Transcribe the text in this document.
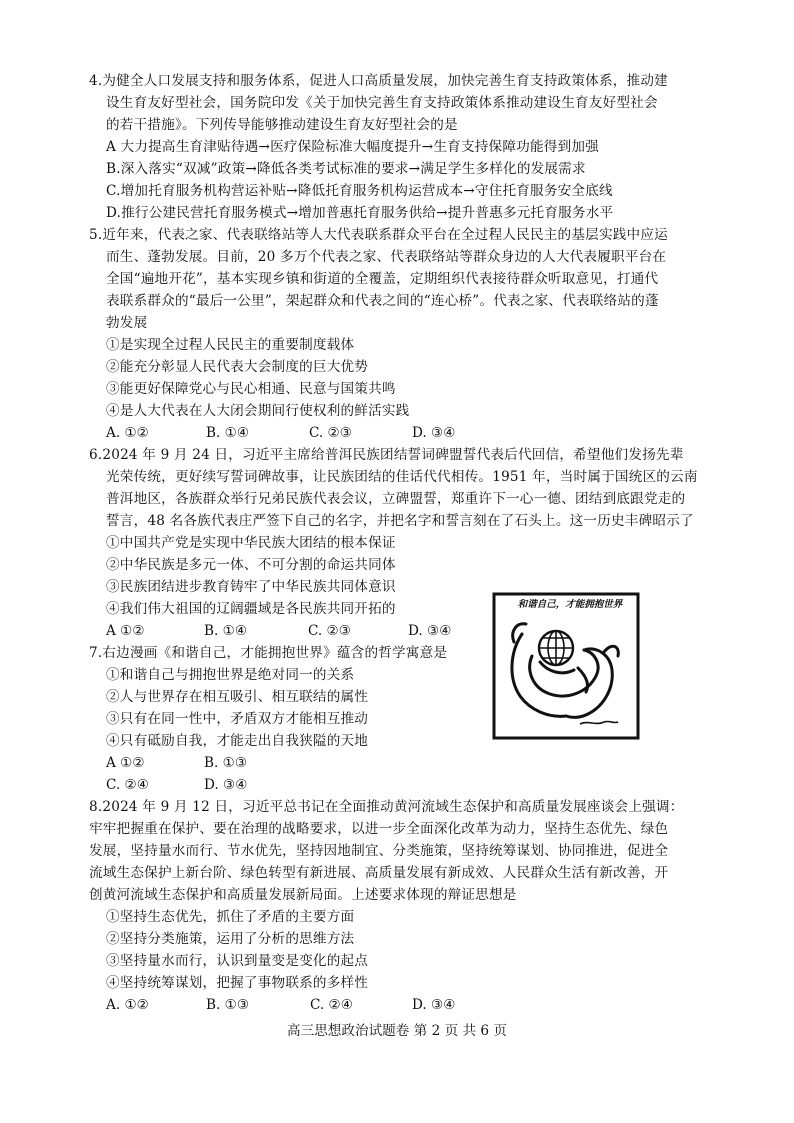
4.为健全人口发展支持和服务体系，促进人口高质量发展，加快完善生育支持政策体系，推动建
设生育友好型社会，国务院印发《关于加快完善生育支持政策体系推动建设生育友好型社会
的若干措施》。下列传导能够推动建设生育友好型社会的是
A 大力提高生育津贴待遇→医疗保险标准大幅度提升→生育支持保障功能得到加强
B.深入落实“双减”政策→降低各类考试标准的要求→满足学生多样化的发展需求
C.增加托育服务机构营运补贴→降低托育服务机构运营成本→守住托育服务安全底线
D.推行公建民营托育服务模式→增加普惠托育服务供给→提升普惠多元托育服务水平
5.近年来，代表之家、代表联络站等人大代表联系群众平台在全过程人民民主的基层实践中应运
而生、蓬勃发展。目前，20 多万个代表之家、代表联络站等群众身边的人大代表履职平台在
全国“遍地开花”，基本实现乡镇和街道的全覆盖，定期组织代表接待群众听取意见，打通代
表联系群众的“最后一公里”，架起群众和代表之间的“连心桥”。代表之家、代表联络站的蓬
勃发展
①是实现全过程人民民主的重要制度载体
②能充分彰显人民代表大会制度的巨大优势
③能更好保障党心与民心相通、民意与国策共鸣
④是人大代表在人大闭会期间行使权利的鲜活实践
A. ①②	B. ①④	C. ②③	D. ③④
6.2024 年 9 月 24 日，习近平主席给普洱民族团结誓词碑盟誓代表后代回信，希望他们发扬先辈
光荣传统，更好续写誓词碑故事，让民族团结的佳话代代相传。1951 年，当时属于国统区的云南
普洱地区，各族群众举行兄弟民族代表会议，立碑盟誓，郑重许下一心一德、团结到底跟党走的
誓言，48 名各族代表庄严签下自己的名字，并把名字和誓言刻在了石头上。这一历史丰碑昭示了
①中国共产党是实现中华民族大团结的根本保证
②中华民族是多元一体、不可分割的命运共同体
③民族团结进步教育铸牢了中华民族共同体意识
④我们伟大祖国的辽阔疆域是各民族共同开拓的
A ①②	B. ①④	C. ②③	D. ③④
7.右边漫画《和谐自己，才能拥抱世界》蕴含的哲学寓意是
①和谐自己与拥抱世界是绝对同一的关系
②人与世界存在相互吸引、相互联结的属性
③只有在同一性中，矛盾双方才能相互推动
④只有砥励自我，才能走出自我狭隘的天地
A ①②	B. ①③
C. ②④	D. ③④
和谐自己，才能拥抱世界
8.2024 年 9 月 12 日，习近平总书记在全面推动黄河流域生态保护和高质量发展座谈会上强调：
牢牢把握重在保护、要在治理的战略要求，以进一步全面深化改革为动力，坚持生态优先、绿色
发展，坚持量水而行、节水优先，坚持因地制宜、分类施策，坚持统筹谋划、协同推进，促进全
流域生态保护上新台阶、绿色转型有新进展、高质量发展有新成效、人民群众生活有新改善，开
创黄河流域生态保护和高质量发展新局面。上述要求体现的辩证思想是
①坚持生态优先，抓住了矛盾的主要方面
②坚持分类施策，运用了分析的思维方法
③坚持量水而行，认识到量变是变化的起点
④坚持统筹谋划，把握了事物联系的多样性
A. ①②	B. ①③	C. ②④	D. ③④
高三思想政治试题卷 第 2 页 共 6 页
